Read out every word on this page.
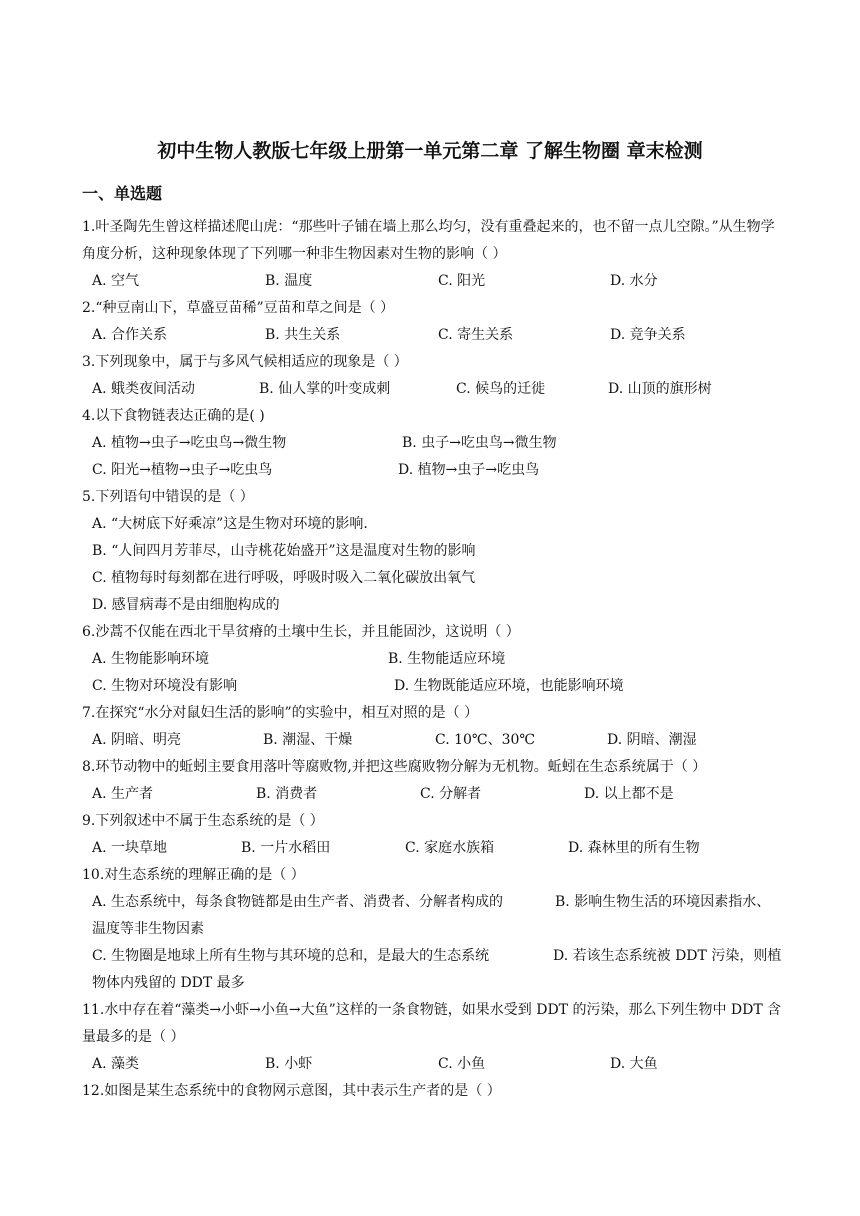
初中生物人教版七年级上册第一单元第二章 了解生物圈 章末检测
一、单选题
1.叶圣陶先生曾这样描述爬山虎：“那些叶子铺在墙上那么均匀，没有重叠起来的，也不留一点儿空隙。”从生物学角度分析，这种现象体现了下列哪一种非生物因素对生物的影响（ ）
A. 空气	B. 温度	C. 阳光	D. 水分
2.“种豆南山下，草盛豆苗稀”豆苗和草之间是（ ）
A. 合作关系	B. 共生关系	C. 寄生关系	D. 竞争关系
3.下列现象中，属于与多风气候相适应的现象是（ ）
A. 蛾类夜间活动	B. 仙人掌的叶变成刺	C. 候鸟的迁徙	D. 山顶的旗形树
4.以下食物链表达正确的是( )
A. 植物→虫子→吃虫鸟→微生物	B. 虫子→吃虫鸟→微生物
C. 阳光→植物→虫子→吃虫鸟	D. 植物→虫子→吃虫鸟
5.下列语句中错误的是（ ）
A. “大树底下好乘凉”这是生物对环境的影响.
B. “人间四月芳菲尽，山寺桃花始盛开”这是温度对生物的影响
C. 植物每时每刻都在进行呼吸，呼吸时吸入二氧化碳放出氧气
D. 感冒病毒不是由细胞构成的
6.沙蒿不仅能在西北干旱贫瘠的土壤中生长，并且能固沙，这说明（ ）
A. 生物能影响环境	B. 生物能适应环境
C. 生物对环境没有影响	D. 生物既能适应环境，也能影响环境
7.在探究“水分对鼠妇生活的影响”的实验中，相互对照的是（ ）
A. 阴暗、明亮	B. 潮湿、干燥	C. 10℃、30℃	D. 阴暗、潮湿
8.环节动物中的蚯蚓主要食用落叶等腐败物,并把这些腐败物分解为无机物。蚯蚓在生态系统属于（ ）
A. 生产者	B. 消费者	C. 分解者	D. 以上都不是
9.下列叙述中不属于生态系统的是（ ）
A. 一块草地	B. 一片水稻田	C. 家庭水族箱	D. 森林里的所有生物
10.对生态系统的理解正确的是（ ）
A. 生态系统中，每条食物链都是由生产者、消费者、分解者构成的	B. 影响生物生活的环境因素指水、温度等非生物因素
C. 生物圈是地球上所有生物与其环境的总和，是最大的生态系统	D. 若该生态系统被 DDT 污染，则植物体内残留的 DDT 最多
11.水中存在着“藻类→小虾→小鱼→大鱼”这样的一条食物链，如果水受到 DDT 的污染，那么下列生物中 DDT 含量最多的是（ ）
A. 藻类	B. 小虾	C. 小鱼	D. 大鱼
12.如图是某生态系统中的食物网示意图，其中表示生产者的是（ ）
